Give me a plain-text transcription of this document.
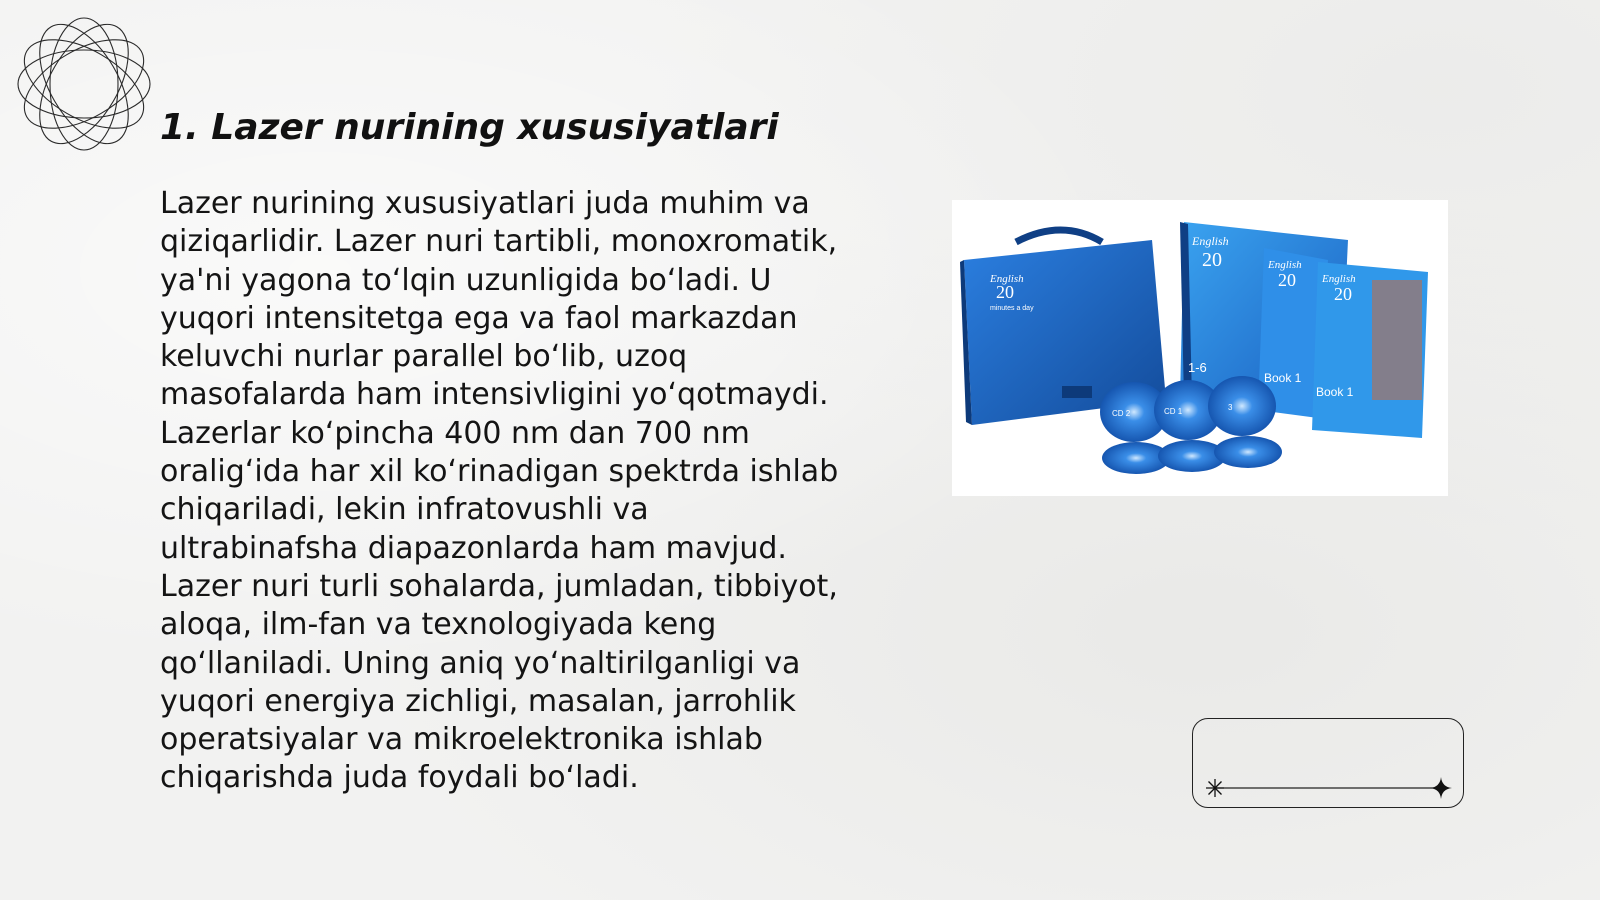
1. Lazer nurining xususiyatlari

Lazer nurining xususiyatlari juda muhim va qiziqarlidir. Lazer nuri tartibli, monoxromatik, ya'ni yagona toʻlqin uzunligida boʻladi. U yuqori intensitetga ega va faol markazdan keluvchi nurlar parallel boʻlib, uzoq masofalarda ham intensivligini yoʻqotmaydi. Lazerlar koʻpincha 400 nm dan 700 nm oraligʻida har xil koʻrinadigan spektrda ishlab chiqariladi, lekin infratovushli va ultrabinafsha diapazonlarda ham mavjud. Lazer nuri turli sohalarda, jumladan, tibbiyot, aloqa, ilm-fan va texnologiyada keng qoʻllaniladi. Uning aniq yoʻnaltirilganligi va yuqori energiya zichligi, masalan, jarrohlik operatsiyalar va mikroelektronika ishlab chiqarishda juda foydali boʻladi.

English
20
minutes a day
English
20
1-6
English
20
Book 1
English
20
Book 1
CD 2	CD 1	3
